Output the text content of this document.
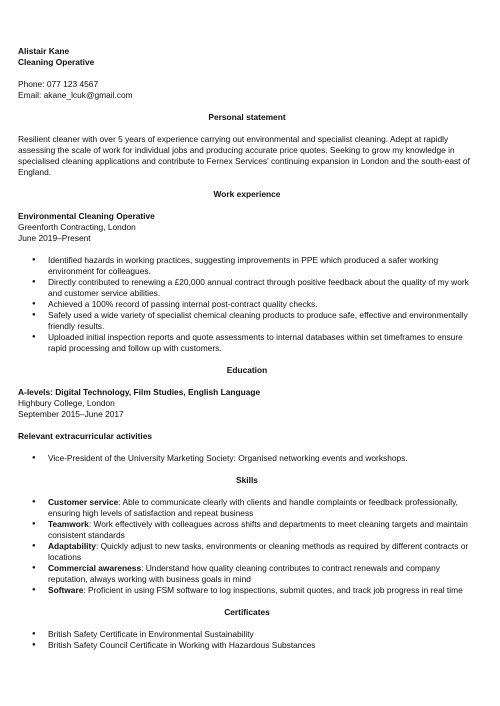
Alistair Kane

Cleaning Operative

Phone: 077 123 4567

Email: akane_lcuk@gmail.com

Personal statement

Resilient cleaner with over 5 years of experience carrying out environmental and specialist cleaning. Adept at rapidly assessing the scale of work for individual jobs and producing accurate price quotes. Seeking to grow my knowledge in specialised cleaning applications and contribute to Fernex Services' continuing expansion in London and the south-east of England.

Work experience

Environmental Cleaning Operative

Greenforth Contracting, London

June 2019–Present

● Identified hazards in working practices, suggesting improvements in PPE which produced a safer working environment for colleagues.
● Directly contributed to renewing a £20,000 annual contract through positive feedback about the quality of my work and customer service abilities.
● Achieved a 100% record of passing internal post-contract quality checks.
● Safely used a wide variety of specialist chemical cleaning products to produce safe, effective and environmentally friendly results.
● Uploaded initial inspection reports and quote assessments to internal databases within set timeframes to ensure rapid processing and follow up with customers.

Education

A-levels: Digital Technology, Film Studies, English Language

Highbury College, London

September 2015–June 2017

Relevant extracurricular activities

● Vice-President of the University Marketing Society: Organised networking events and workshops.

Skills

● Customer service: Able to communicate clearly with clients and handle complaints or feedback professionally, ensuring high levels of satisfaction and repeat business
● Teamwork: Work effectively with colleagues across shifts and departments to meet cleaning targets and maintain consistent standards
● Adaptability: Quickly adjust to new tasks, environments or cleaning methods as required by different contracts or locations
● Commercial awareness: Understand how quality cleaning contributes to contract renewals and company reputation, always working with business goals in mind
● Software: Proficient in using FSM software to log inspections, submit quotes, and track job progress in real time

Certificates

● British Safety Certificate in Environmental Sustainability
● British Safety Council Certificate in Working with Hazardous Substances
